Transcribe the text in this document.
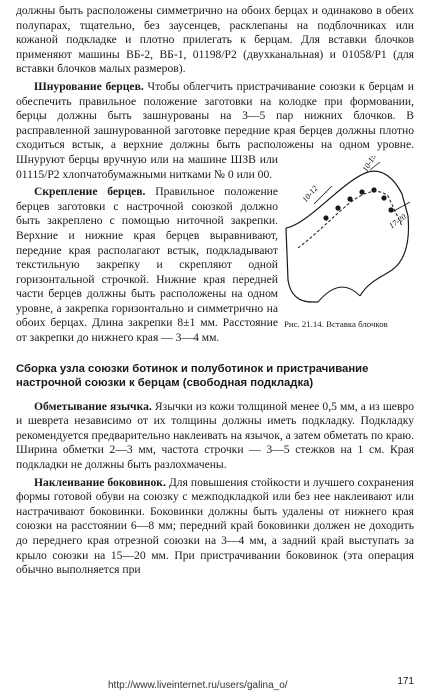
должны быть расположены симметрично на обоих берцах и одинаково в обеих полупарах, тщательно, без заусенцев, расклепаны на подблочниках или кожаной подкладке и плотно прилегать к берцам. Для вставки блочков применяют машины ВБ-2, ВБ-1, 01198/Р2 (двухканальная) и 01058/Р1 (для вставки блочков малых размеров).

10-12
10-15
17-20

Рис. 21.14. Вставка блочков

Шнурование берцев. Чтобы облегчить пристрачивание союзки к берцам и обеспечить правильное положение заготовки на колодке при формовании, берцы должны быть зашнурованы на 3—5 пар нижних блочков. В расправленной зашнурованной заготовке передние края берцев должны плотно сходиться встык, а верхние должны быть расположены на одном уровне. Шнуруют берцы вручную или на машине ШЗВ или 01115/Р2 хлопчатобумажными нитками № 0 или 00.

Скрепление берцев. Правильное положение берцев заготовки с настрочной союзкой должно быть закреплено с помощью ниточной закрепки. Верхние и нижние края берцев выравнивают, передние края располагают встык, подкладывают текстильную закрепку и скрепляют одной горизонтальной строчкой. Нижние края передней части берцев должны быть расположены на одном уровне, а закрепка горизонтально и симметрично на обоих берцах. Длина закрепки 8±1 мм. Расстояние от закрепки до нижнего края — 3—4 мм.

Сборка узла союзки ботинок и полуботинок и пристрачивание настрочной союзки к берцам (свободная подкладка)

Обметывание язычка. Язычки из кожи толщиной менее 0,5 мм, а из шевро и шеврета независимо от их толщины должны иметь подкладку. Подкладку рекомендуется предварительно наклеивать на язычок, а затем обметать по краю. Ширина обметки 2—3 мм, частота строчки — 3—5 стежков на 1 см. Края подкладки не должны быть разлохмачены.

Наклеивание боковинок. Для повышения стойкости и лучшего сохранения формы готовой обуви на союзку с межподкладкой или без нее наклеивают или настрачивают боковинки. Боковинки должны быть удалены от нижнего края союзки на расстоянии 6—8 мм; передний край боковинки должен не доходить до переднего края отрезной союзки на 3—4 мм, а задний край выступать за крыло союзки на 15—20 мм. При пристрачивании боковинок (эта операция обычно выполняется при

http://www.liveinternet.ru/users/galina_o/	171
